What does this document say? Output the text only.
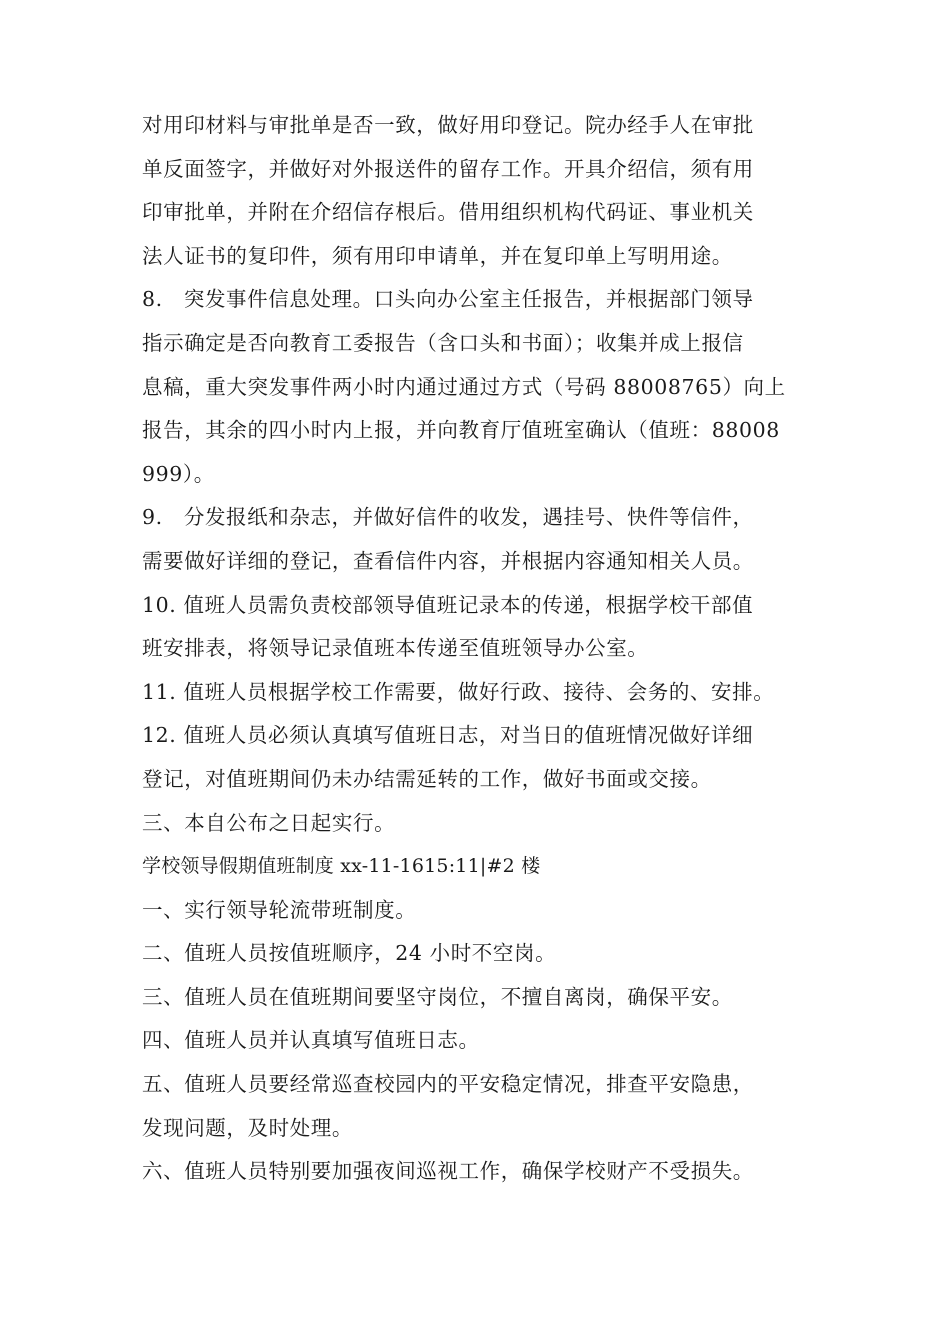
对用印材料与审批单是否一致，做好用印登记。院办经手人在审批
单反面签字，并做好对外报送件的留存工作。开具介绍信，须有用
印审批单，并附在介绍信存根后。借用组织机构代码证、事业机关
法人证书的复印件，须有用印申请单，并在复印单上写明用途。
8.　突发事件信息处理。口头向办公室主任报告，并根据部门领导
指示确定是否向教育工委报告（含口头和书面）；收集并成上报信
息稿，重大突发事件两小时内通过通过方式（号码 88008765）向上
报告，其余的四小时内上报，并向教育厅值班室确认（值班：88008
999）。
9.　分发报纸和杂志，并做好信件的收发，遇挂号、快件等信件，
需要做好详细的登记，查看信件内容，并根据内容通知相关人员。
10. 值班人员需负责校部领导值班记录本的传递，根据学校干部值
班安排表，将领导记录值班本传递至值班领导办公室。
11. 值班人员根据学校工作需要，做好行政、接待、会务的、安排。
12. 值班人员必须认真填写值班日志，对当日的值班情况做好详细
登记，对值班期间仍未办结需延转的工作，做好书面或交接。
三、本自公布之日起实行。
学校领导假期值班制度 xx-11-1615:11|#2 楼
一、实行领导轮流带班制度。
二、值班人员按值班顺序，24 小时不空岗。
三、值班人员在值班期间要坚守岗位，不擅自离岗，确保平安。
四、值班人员并认真填写值班日志。
五、值班人员要经常巡查校园内的平安稳定情况，排查平安隐患，
发现问题，及时处理。
六、值班人员特别要加强夜间巡视工作，确保学校财产不受损失。
